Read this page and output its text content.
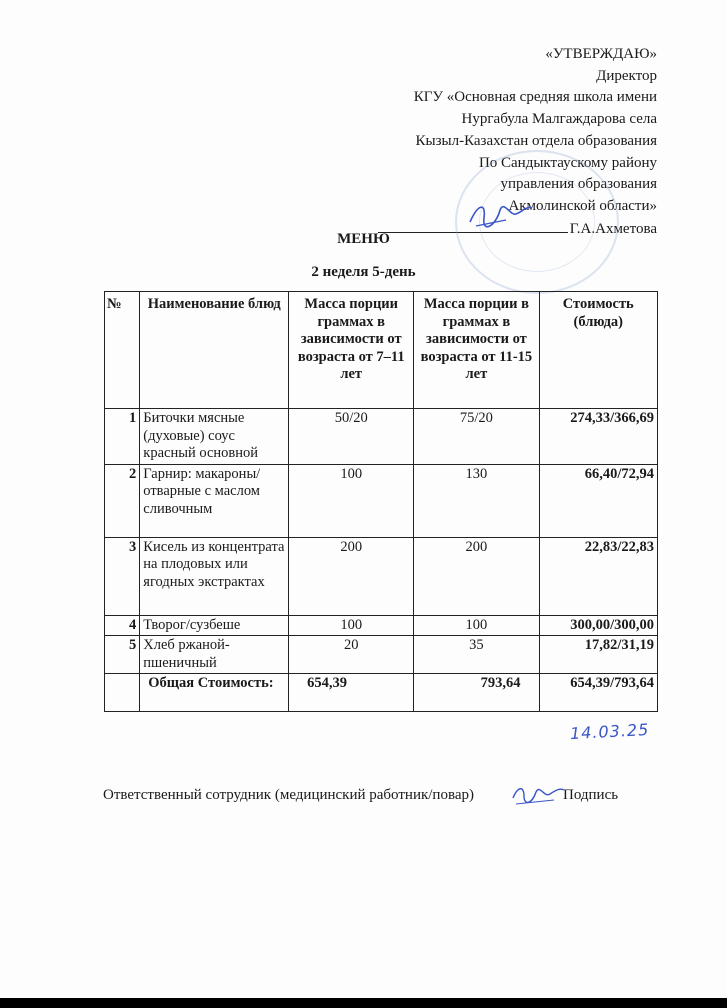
«УТВЕРЖДАЮ»
Директор
КГУ «Основная средняя школа имени
Нургабула Малгаждарова села
Кызыл-Казахстан отдела образования
По Сандыктаускому району
управления образования
Акмолинской области»
Г.А.Ахметова
МЕНЮ
2 неделя 5-день
№	Наименование блюд	Масса порции граммах в зависимости от возраста от 7–11 лет	Масса порции в граммах в зависимости от возраста от 11-15 лет	Стоимость (блюда)
1	Биточки мясные (духовые) соус красный основной	50/20	75/20	274,33/366,69
2	Гарнир: макароны/отварные с маслом сливочным	100	130	66,40/72,94
3	Кисель из концентрата на плодовых или ягодных экстрактах	200	200	22,83/22,83
4	Творог/сузбеше	100	100	300,00/300,00
5	Хлеб ржаной-пшеничный	20	35	17,82/31,19
	Общая Стоимость:	654,39	793,64	654,39/793,64
14.03.25
Ответственный сотрудник (медицинский работник/повар)	Подпись
